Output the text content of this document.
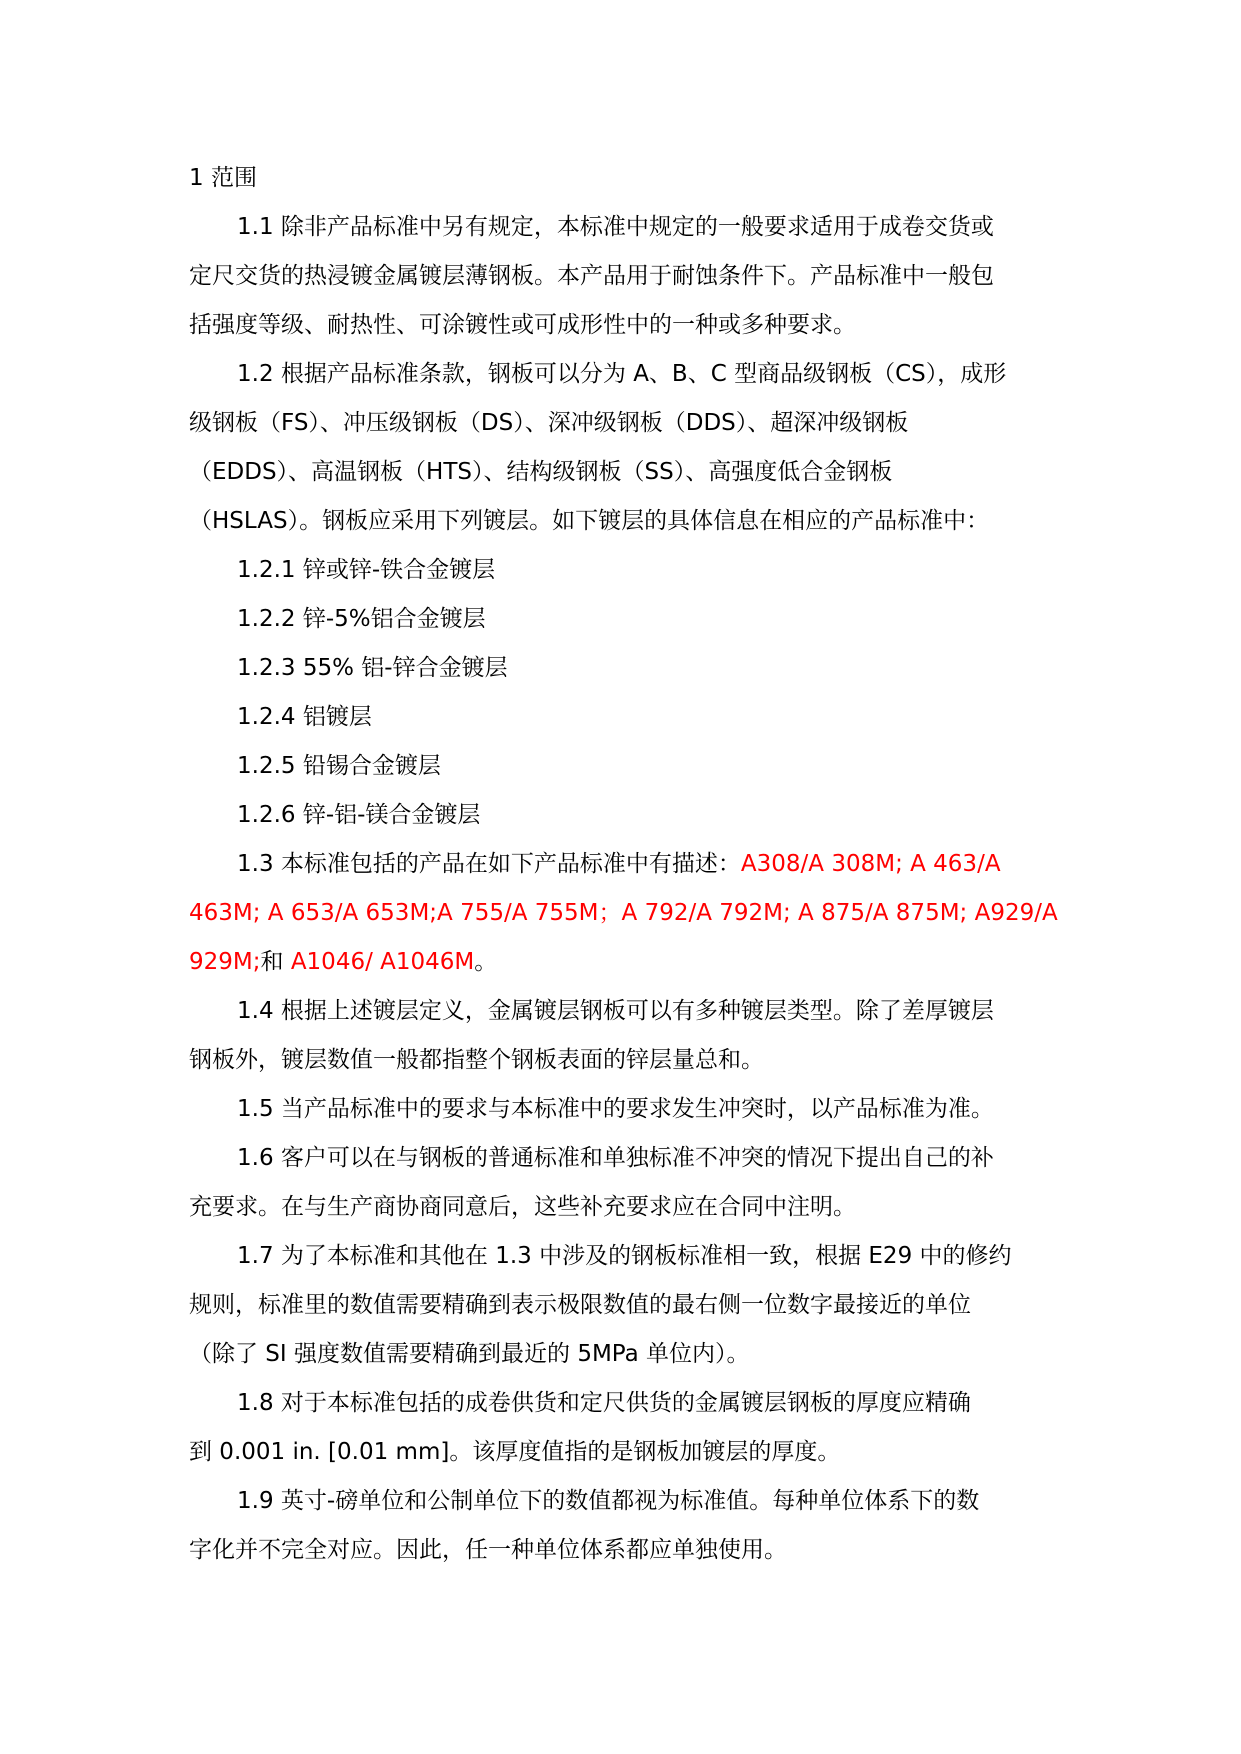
1 范围
1.1 除非产品标准中另有规定，本标准中规定的一般要求适用于成卷交货或
定尺交货的热浸镀金属镀层薄钢板。本产品用于耐蚀条件下。产品标准中一般包
括强度等级、耐热性、可涂镀性或可成形性中的一种或多种要求。
1.2 根据产品标准条款，钢板可以分为 A、B、C 型商品级钢板（CS），成形
级钢板（FS）、冲压级钢板（DS）、深冲级钢板（DDS）、超深冲级钢板
（EDDS）、高温钢板（HTS）、结构级钢板（SS）、高强度低合金钢板
（HSLAS）。钢板应采用下列镀层。如下镀层的具体信息在相应的产品标准中：
1.2.1 锌或锌-铁合金镀层
1.2.2 锌-5%铝合金镀层
1.2.3 55% 铝-锌合金镀层
1.2.4 铝镀层
1.2.5 铅锡合金镀层
1.2.6 锌-铝-镁合金镀层
1.3 本标准包括的产品在如下产品标准中有描述：A308/A 308M; A 463/A
463M; A 653/A 653M;A 755/A 755M；A 792/A 792M; A 875/A 875M; A929/A
929M;和 A1046/ A1046M。
1.4 根据上述镀层定义，金属镀层钢板可以有多种镀层类型。除了差厚镀层
钢板外，镀层数值一般都指整个钢板表面的锌层量总和。
1.5 当产品标准中的要求与本标准中的要求发生冲突时，以产品标准为准。
1.6 客户可以在与钢板的普通标准和单独标准不冲突的情况下提出自己的补
充要求。在与生产商协商同意后，这些补充要求应在合同中注明。
1.7 为了本标准和其他在 1.3 中涉及的钢板标准相一致，根据 E29 中的修约
规则，标准里的数值需要精确到表示极限数值的最右侧一位数字最接近的单位
（除了 SI 强度数值需要精确到最近的 5MPa 单位内）。
1.8 对于本标准包括的成卷供货和定尺供货的金属镀层钢板的厚度应精确
到 0.001 in. [0.01 mm]。该厚度值指的是钢板加镀层的厚度。
1.9 英寸-磅单位和公制单位下的数值都视为标准值。每种单位体系下的数
字化并不完全对应。因此，任一种单位体系都应单独使用。
